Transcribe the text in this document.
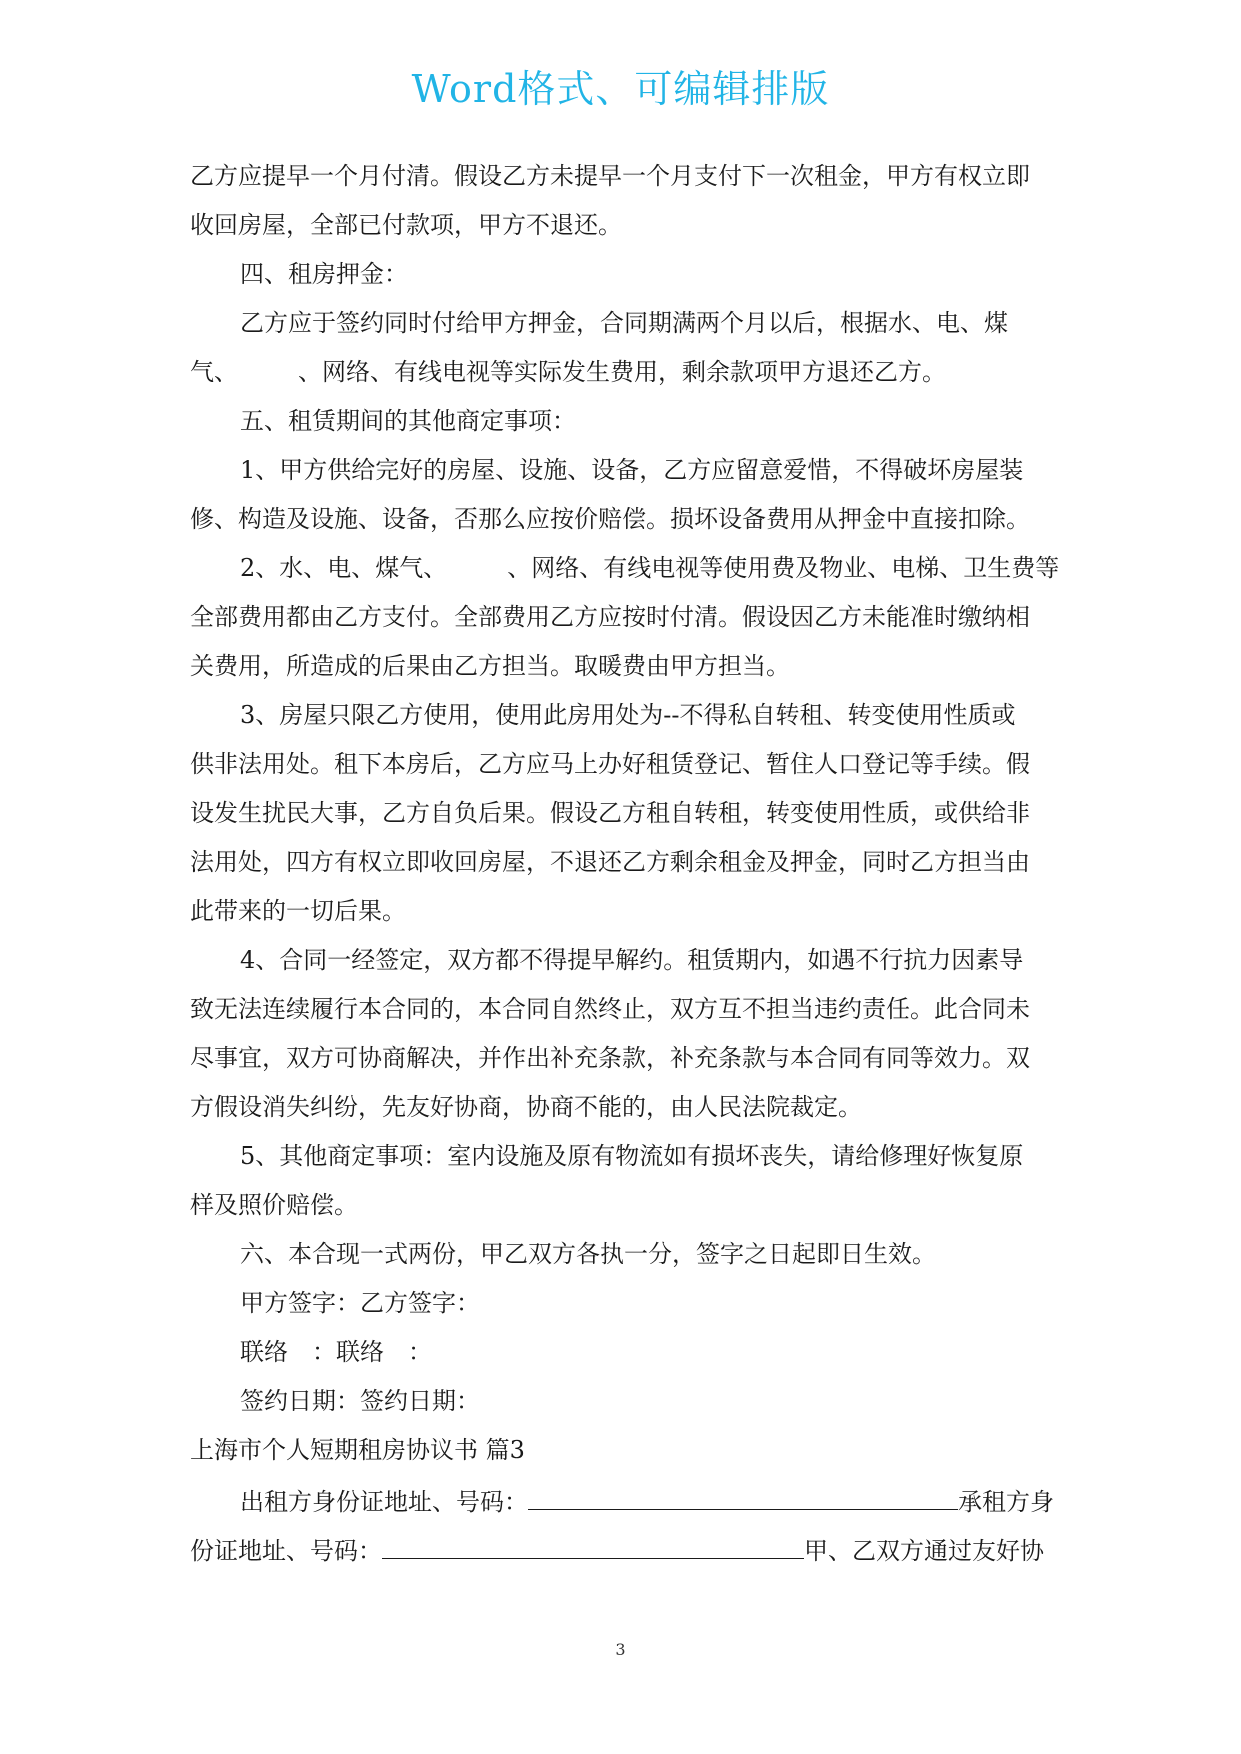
Word格式、可编辑排版
乙方应提早一个月付清。假设乙方未提早一个月支付下一次租金，甲方有权立即
收回房屋，全部已付款项，甲方不退还。
四、租房押金：
乙方应于签约同时付给甲方押金，合同期满两个月以后，根据水、电、煤
气、	、网络、有线电视等实际发生费用，剩余款项甲方退还乙方。
五、租赁期间的其他商定事项：
1、甲方供给完好的房屋、设施、设备，乙方应留意爱惜，不得破坏房屋装
修、构造及设施、设备，否那么应按价赔偿。损坏设备费用从押金中直接扣除。
2、水、电、煤气、	、网络、有线电视等使用费及物业、电梯、卫生费等
全部费用都由乙方支付。全部费用乙方应按时付清。假设因乙方未能准时缴纳相
关费用，所造成的后果由乙方担当。取暖费由甲方担当。
3、房屋只限乙方使用，使用此房用处为--不得私自转租、转变使用性质或
供非法用处。租下本房后，乙方应马上办好租赁登记、暂住人口登记等手续。假
设发生扰民大事，乙方自负后果。假设乙方租自转租，转变使用性质，或供给非
法用处，四方有权立即收回房屋，不退还乙方剩余租金及押金，同时乙方担当由
此带来的一切后果。
4、合同一经签定，双方都不得提早解约。租赁期内，如遇不行抗力因素导
致无法连续履行本合同的，本合同自然终止，双方互不担当违约责任。此合同未
尽事宜，双方可协商解决，并作出补充条款，补充条款与本合同有同等效力。双
方假设消失纠纷，先友好协商，协商不能的，由人民法院裁定。
5、其他商定事项：室内设施及原有物流如有损坏丧失，请给修理好恢复原
样及照价赔偿。
六、本合现一式两份，甲乙双方各执一分，签字之日起即日生效。
甲方签字：乙方签字：
联络 ：联络 ：
签约日期：签约日期：
上海市个人短期租房协议书 篇3
出租方身份证地址、号码：	承租方身
份证地址、号码：	甲、乙双方通过友好协
3
